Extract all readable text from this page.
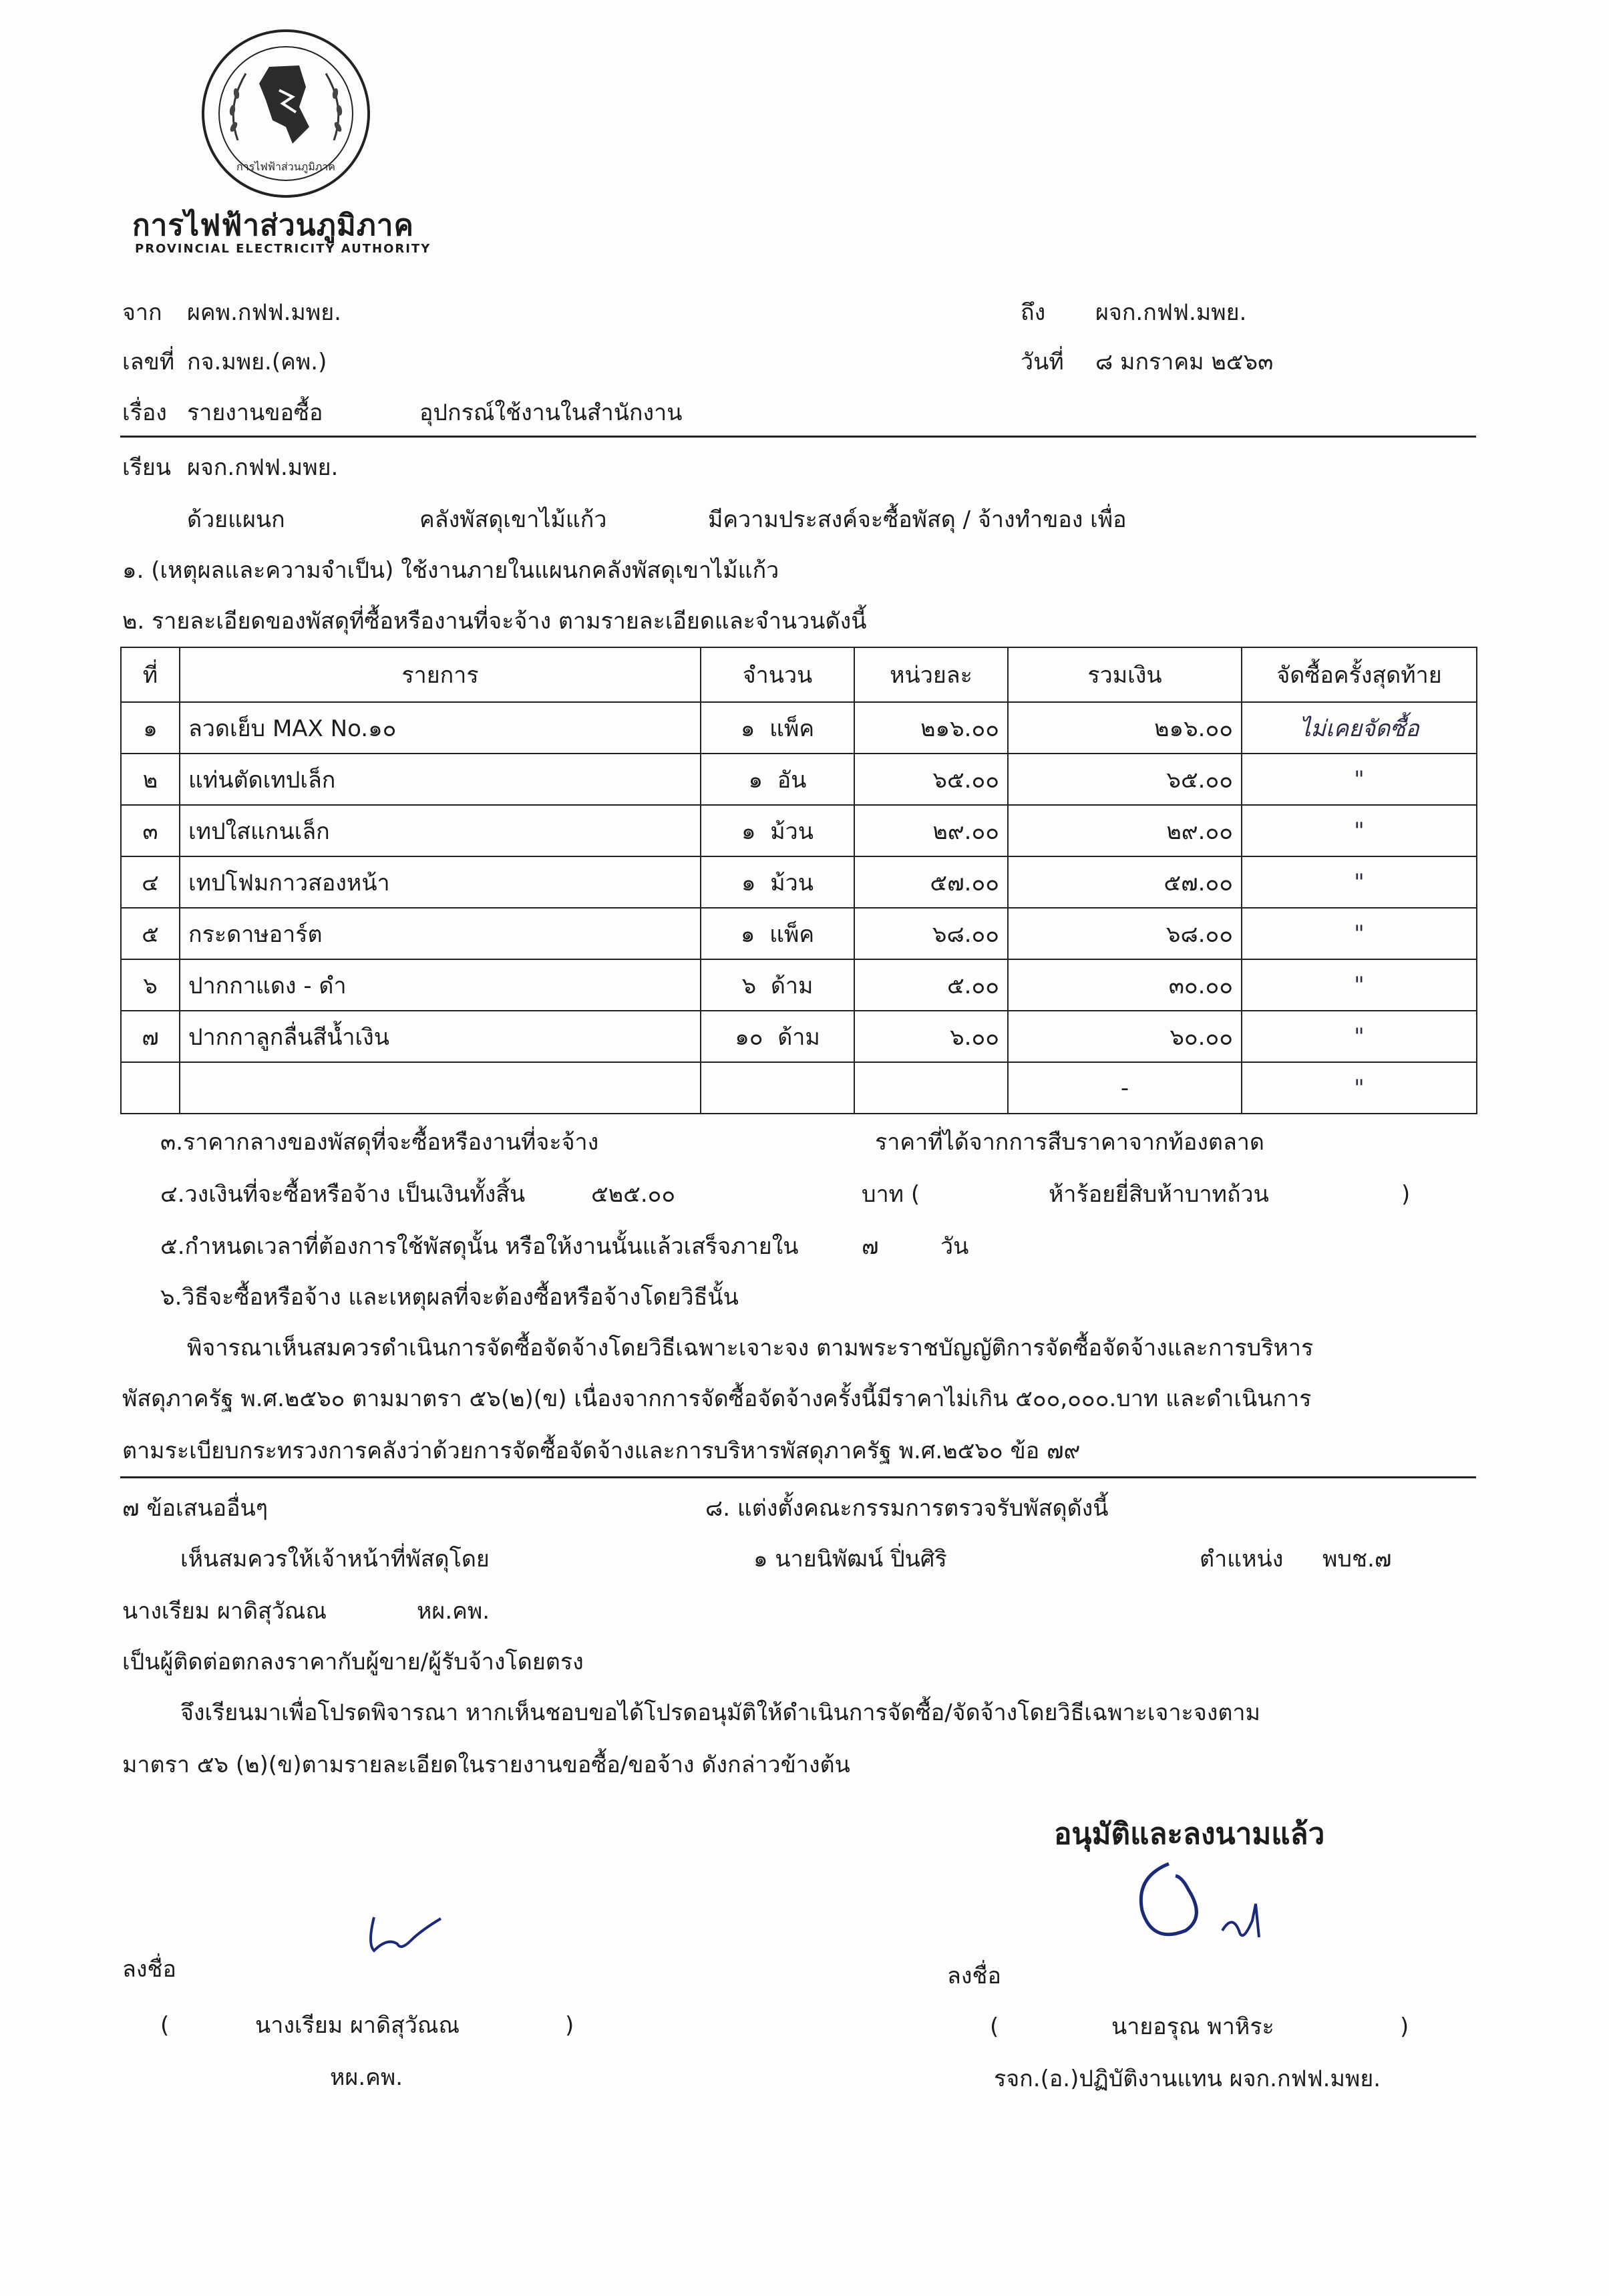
การไฟฟ้าส่วนภูมิภาค
การไฟฟ้าส่วนภูมิภาค
PROVINCIAL ELECTRICITY AUTHORITY
จาก ผคพ.กฟฟ.มพย.	ถึง ผจก.กฟฟ.มพย.
เลขที่ กจ.มพย.(คพ.)	วันที่ ๘ มกราคม ๒๕๖๓
เรื่อง รายงานขอซื้อ	อุปกรณ์ใช้งานในสำนักงาน
เรียน ผจก.กฟฟ.มพย.
ด้วยแผนก	คลังพัสดุเขาไม้แก้ว	มีความประสงค์จะซื้อพัสดุ / จ้างทำของ เพื่อ
๑. (เหตุผลและความจำเป็น) ใช้งานภายในแผนกคลังพัสดุเขาไม้แก้ว
๒. รายละเอียดของพัสดุที่ซื้อหรืองานที่จะจ้าง ตามรายละเอียดและจำนวนดังนี้
ที่	รายการ	จำนวน	หน่วยละ	รวมเงิน	จัดซื้อครั้งสุดท้าย
๑	ลวดเย็บ MAX No.๑๐	๑ แพ็ค	๒๑๖.๐๐	๒๑๖.๐๐	ไม่เคยจัดซื้อ
๒	แท่นตัดเทปเล็ก	๑ อัน	๖๕.๐๐	๖๕.๐๐	"
๓	เทปใสแกนเล็ก	๑ ม้วน	๒๙.๐๐	๒๙.๐๐	"
๔	เทปโฟมกาวสองหน้า	๑ ม้วน	๕๗.๐๐	๕๗.๐๐	"
๕	กระดาษอาร์ต	๑ แพ็ค	๖๘.๐๐	๖๘.๐๐	"
๖	ปากกาแดง - ดำ	๖ ด้าม	๕.๐๐	๓๐.๐๐	"
๗	ปากกาลูกลื่นสีน้ำเงิน	๑๐ ด้าม	๖.๐๐	๖๐.๐๐	"
				-	"
๓.ราคากลางของพัสดุที่จะซื้อหรืองานที่จะจ้าง	ราคาที่ได้จากการสืบราคาจากท้องตลาด
๔.วงเงินที่จะซื้อหรือจ้าง เป็นเงินทั้งสิ้น	๕๒๕.๐๐	บาท (	ห้าร้อยยี่สิบห้าบาทถ้วน	)
๕.กำหนดเวลาที่ต้องการใช้พัสดุนั้น หรือให้งานนั้นแล้วเสร็จภายใน	๗	วัน
๖.วิธีจะซื้อหรือจ้าง และเหตุผลที่จะต้องซื้อหรือจ้างโดยวิธีนั้น
พิจารณาเห็นสมควรดำเนินการจัดซื้อจัดจ้างโดยวิธีเฉพาะเจาะจง ตามพระราชบัญญัติการจัดซื้อจัดจ้างและการบริหาร
พัสดุภาครัฐ พ.ศ.๒๕๖๐ ตามมาตรา ๕๖(๒)(ข) เนื่องจากการจัดซื้อจัดจ้างครั้งนี้มีราคาไม่เกิน ๕๐๐,๐๐๐.บาท และดำเนินการ
ตามระเบียบกระทรวงการคลังว่าด้วยการจัดซื้อจัดจ้างและการบริหารพัสดุภาครัฐ พ.ศ.๒๕๖๐ ข้อ ๗๙
๗ ข้อเสนออื่นๆ	๘. แต่งตั้งคณะกรรมการตรวจรับพัสดุดังนี้
เห็นสมควรให้เจ้าหน้าที่พัสดุโดย	๑ นายนิพัฒน์ ปิ่นศิริ	ตำแหน่ง พบช.๗
นางเรียม ผาดิสุวัณณ	หผ.คพ.
เป็นผู้ติดต่อตกลงราคากับผู้ขาย/ผู้รับจ้างโดยตรง
จึงเรียนมาเพื่อโปรดพิจารณา หากเห็นชอบขอได้โปรดอนุมัติให้ดำเนินการจัดซื้อ/จัดจ้างโดยวิธีเฉพาะเจาะจงตาม
มาตรา ๕๖ (๒)(ข)ตามรายละเอียดในรายงานขอซื้อ/ขอจ้าง ดังกล่าวข้างต้น
อนุมัติและลงนามแล้ว
ลงชื่อ	ลงชื่อ
(	นางเรียม ผาดิสุวัณณ	)	(	นายอรุณ พาหิระ	)
หผ.คพ.	รจก.(อ.)ปฏิบัติงานแทน ผจก.กฟฟ.มพย.
